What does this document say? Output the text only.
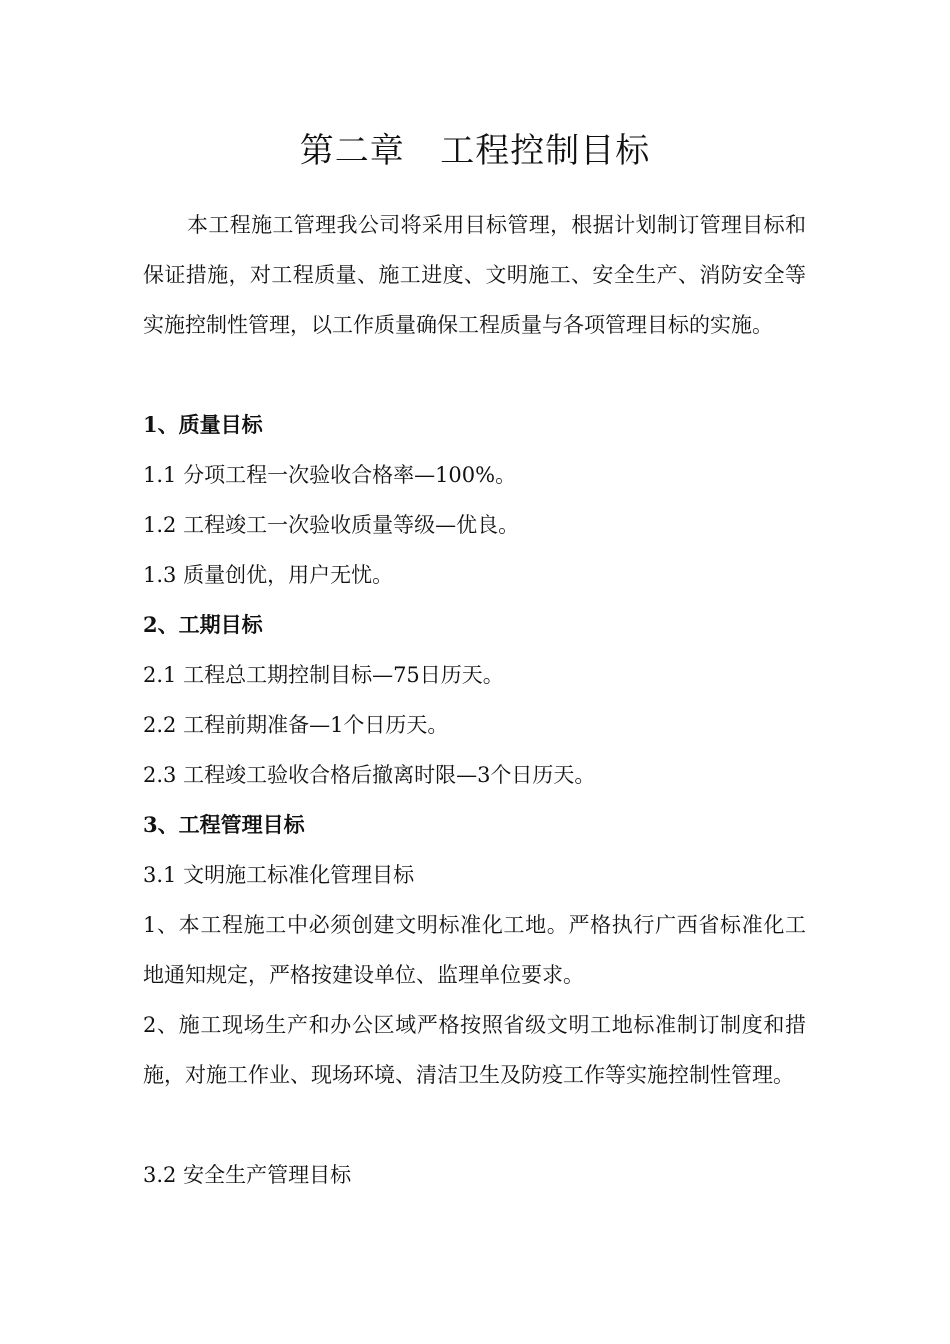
第二章   工程控制目标
本工程施工管理我公司将采用目标管理，根据计划制订管理目标和保证措施，对工程质量、施工进度、文明施工、安全生产、消防安全等实施控制性管理，以工作质量确保工程质量与各项管理目标的实施。
1、质量目标
1.1 分项工程一次验收合格率—100%。
1.2 工程竣工一次验收质量等级—优良。
1.3 质量创优，用户无忧。
2、工期目标
2.1 工程总工期控制目标—75日历天。
2.2 工程前期准备—1个日历天。
2.3 工程竣工验收合格后撤离时限—3个日历天。
3、工程管理目标
3.1 文明施工标准化管理目标
1、本工程施工中必须创建文明标准化工地。严格执行广西省标准化工地通知规定，严格按建设单位、监理单位要求。
2、施工现场生产和办公区域严格按照省级文明工地标准制订制度和措施，对施工作业、现场环境、清洁卫生及防疫工作等实施控制性管理。
3.2 安全生产管理目标
